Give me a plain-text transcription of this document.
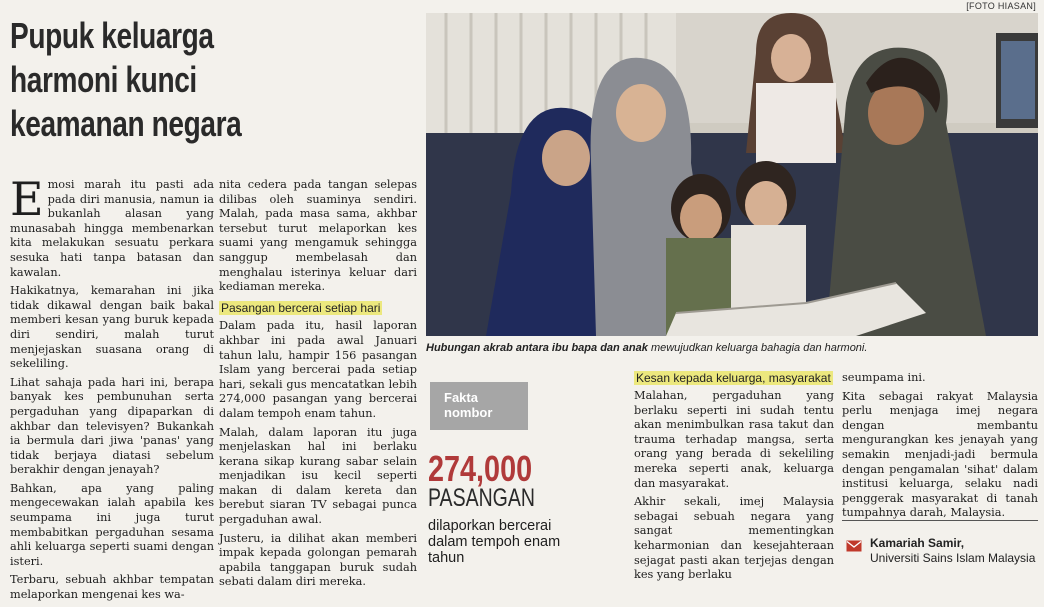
[FOTO HIASAN]
Pupuk keluarga
harmoni kunci
keamanan negara
Hubungan akrab antara ibu bapa dan anak mewujudkan keluarga bahagia dan harmoni.

Emosi marah itu pasti ada pada diri manusia, namun ia bukanlah alasan yang munasabah hingga membenarkan kita melakukan sesuatu perkara sesuka hati tanpa batasan dan kawalan.

Hakikatnya, kemarahan ini jika tidak dikawal dengan baik bakal memberi kesan yang buruk kepada diri sendiri, malah turut menjejaskan suasana orang di sekeliling.

Lihat sahaja pada hari ini, berapa banyak kes pembunuhan serta pergaduhan yang dipaparkan di akhbar dan televisyen? Bukankah ia bermula dari jiwa 'panas' yang tidak berjaya diatasi sebelum berakhir dengan jenayah?

Bahkan, apa yang paling mengecewakan ialah apabila kes seumpama ini juga turut membabitkan pergaduhan sesama ahli keluarga seperti suami dengan isteri.

Terbaru, sebuah akhbar tempatan melaporkan mengenai kes wa-

nita cedera pada tangan selepas dilibas oleh suaminya sendiri. Malah, pada masa sama, akhbar tersebut turut melaporkan kes suami yang mengamuk sehingga sanggup membelasah dan menghalau isterinya keluar dari kediaman mereka.

Pasangan bercerai setiap hari

Dalam pada itu, hasil laporan akhbar ini pada awal Januari tahun lalu, hampir 156 pasangan Islam yang bercerai pada setiap hari, sekali gus mencatatkan lebih 274,000 pasangan yang bercerai dalam tempoh enam tahun.

Malah, dalam laporan itu juga menjelaskan hal ini berlaku kerana sikap kurang sabar selain menjadikan isu kecil seperti makan di dalam kereta dan berebut siaran TV sebagai punca pergaduhan awal.

Justeru, ia dilihat akan memberi impak kepada golongan pemarah apabila tanggapan buruk sudah sebati dalam diri mereka.

Fakta nombor
274,000
PASANGAN
dilaporkan bercerai dalam tempoh enam tahun

Kesan kepada keluarga, masyarakat

Malahan, pergaduhan yang berlaku seperti ini sudah tentu akan menimbulkan rasa takut dan trauma terhadap mangsa, serta orang yang berada di sekeliling mereka seperti anak, keluarga dan masyarakat.

Akhir sekali, imej Malaysia sebagai sebuah negara yang sangat mementingkan keharmonian dan kesejahteraan sejagat pasti akan terjejas dengan kes yang berlaku

seumpama ini.

Kita sebagai rakyat Malaysia perlu menjaga imej negara dengan membantu mengurangkan kes jenayah yang semakin menjadi-jadi bermula dengan pengamalan 'sihat' dalam institusi keluarga, selaku nadi penggerak masyarakat di tanah tumpahnya darah, Malaysia.

Kamariah Samir,
Universiti Sains Islam Malaysia
